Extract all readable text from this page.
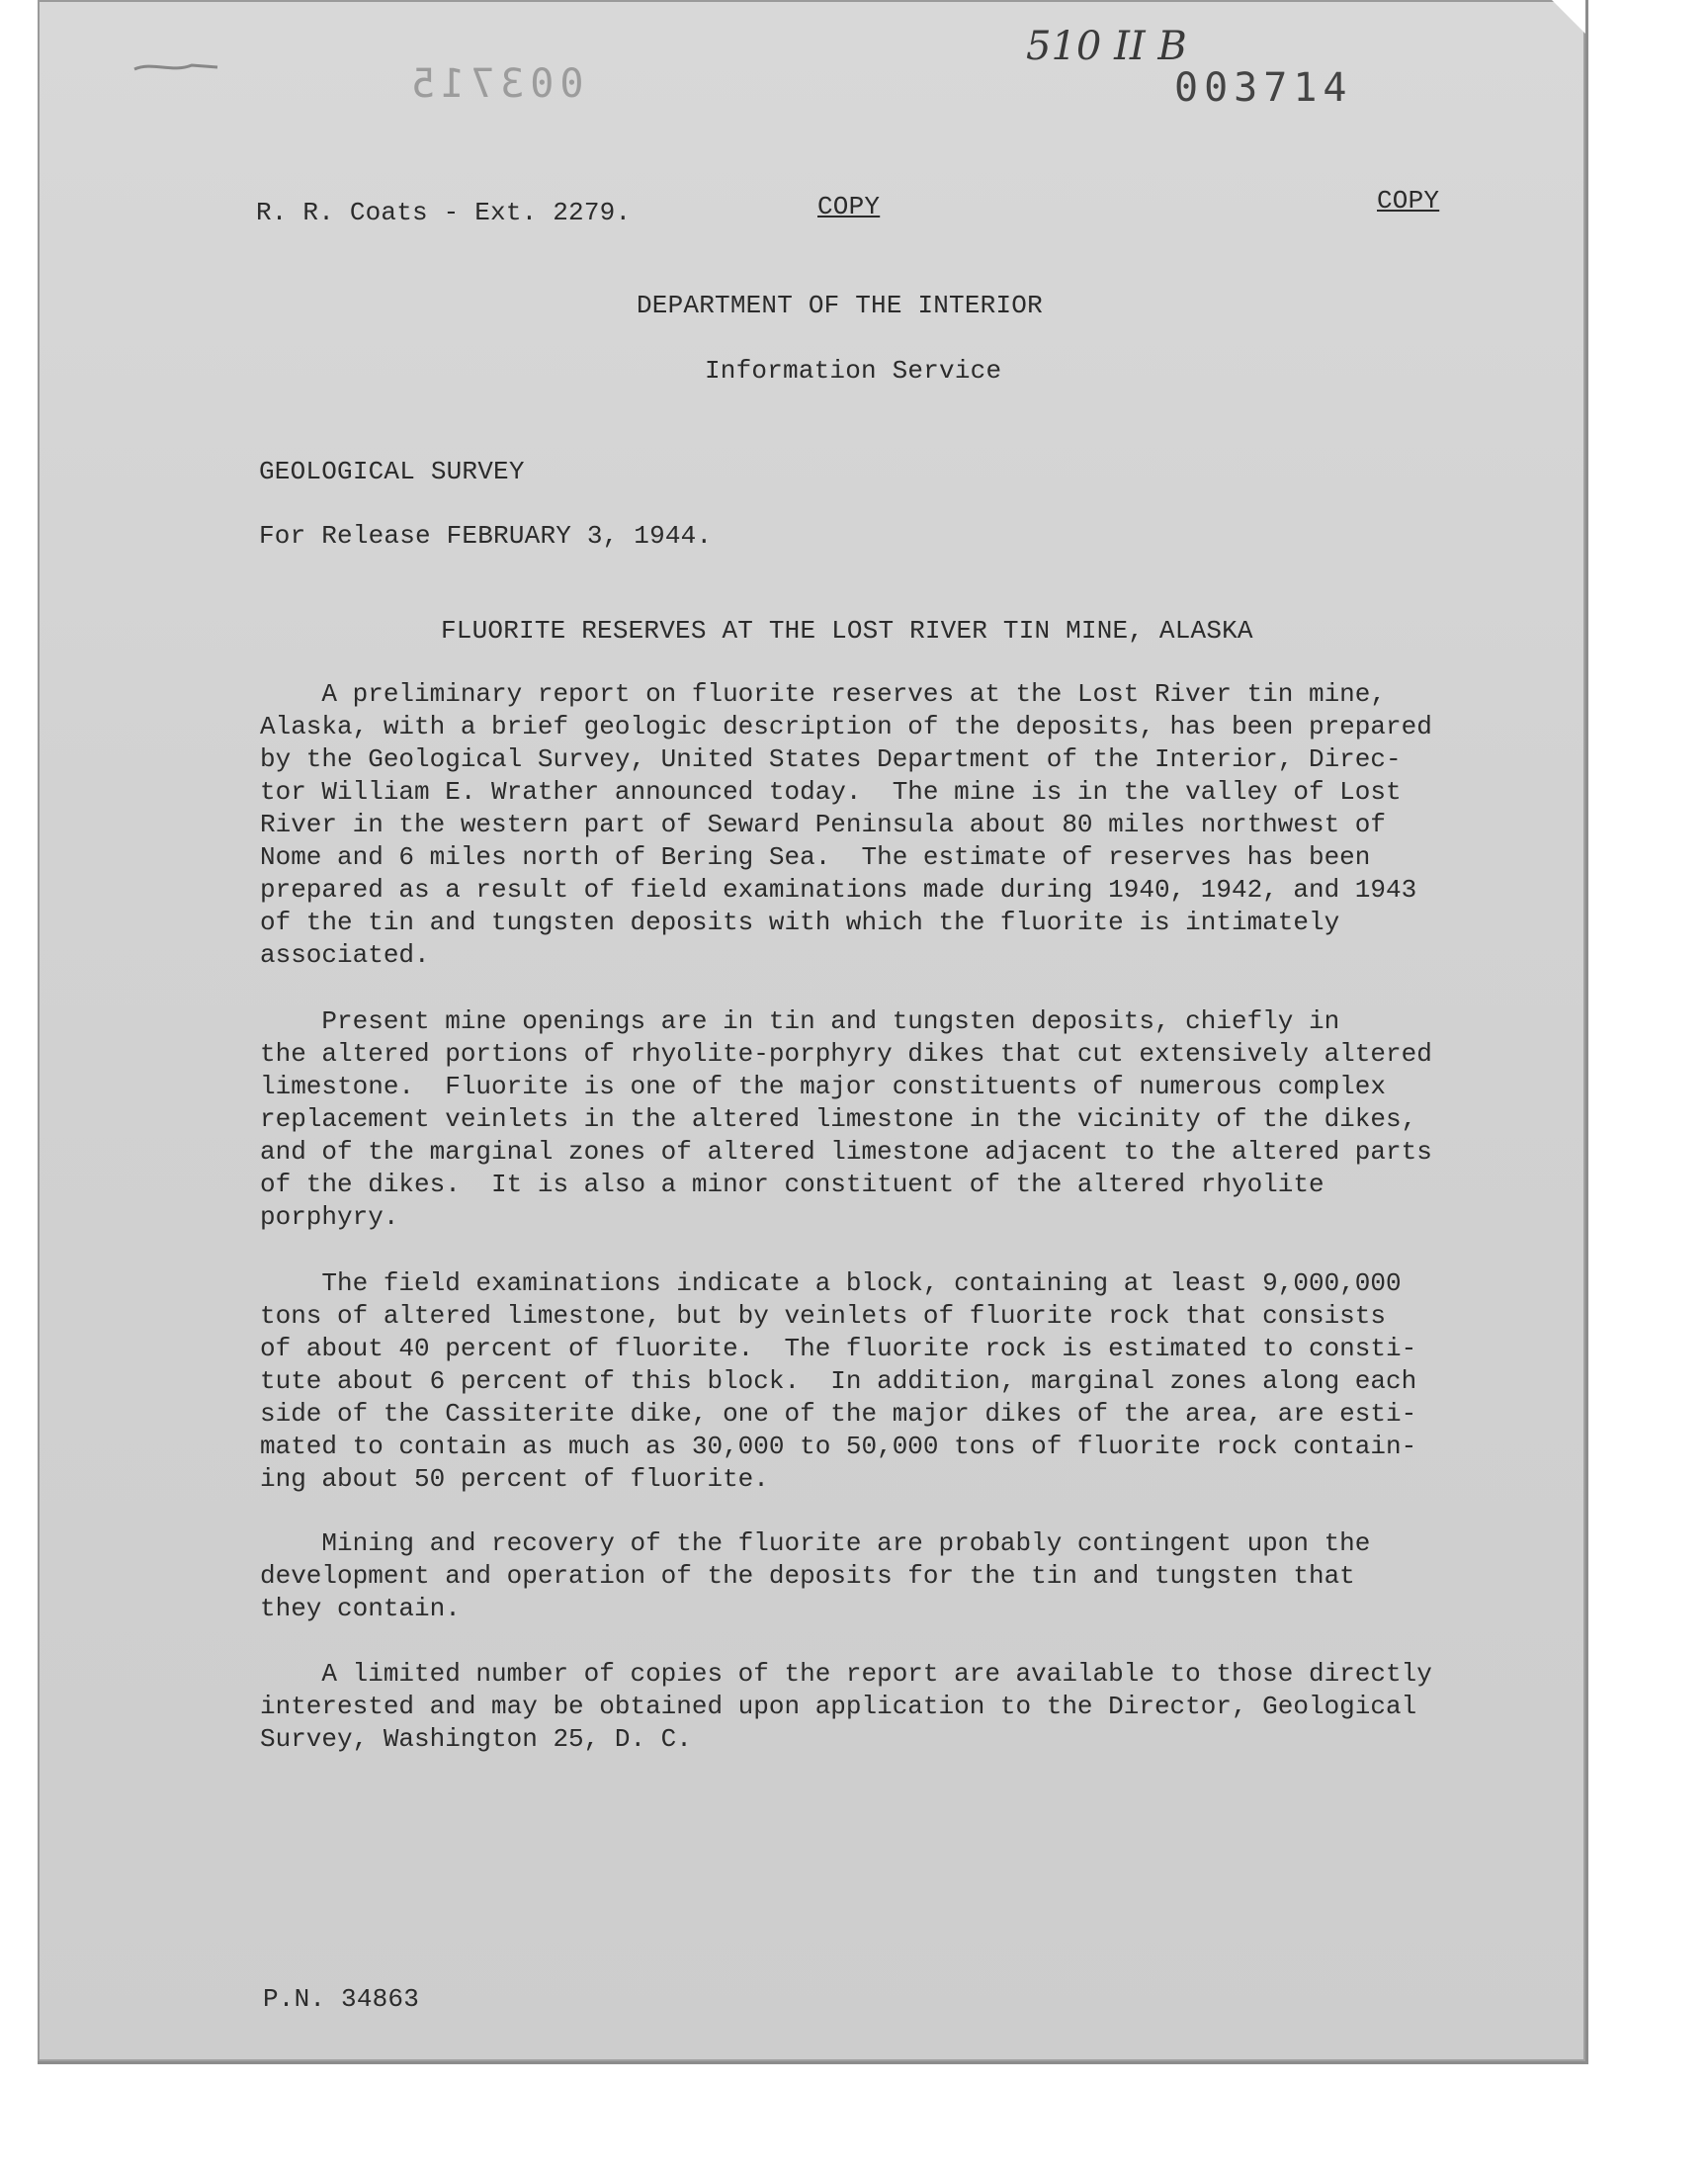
003715
510 II B
003714
R. R. Coats - Ext. 2279.	COPY	COPY
DEPARTMENT OF THE INTERIOR
Information Service
GEOLOGICAL SURVEY
For Release FEBRUARY 3, 1944.
FLUORITE RESERVES AT THE LOST RIVER TIN MINE, ALASKA
A preliminary report on fluorite reserves at the Lost River tin mine,
Alaska, with a brief geologic description of the deposits, has been prepared
by the Geological Survey, United States Department of the Interior, Direc-
tor William E. Wrather announced today.  The mine is in the valley of Lost
River in the western part of Seward Peninsula about 80 miles northwest of
Nome and 6 miles north of Bering Sea.  The estimate of reserves has been
prepared as a result of field examinations made during 1940, 1942, and 1943
of the tin and tungsten deposits with which the fluorite is intimately
associated.
Present mine openings are in tin and tungsten deposits, chiefly in
the altered portions of rhyolite-porphyry dikes that cut extensively altered
limestone.  Fluorite is one of the major constituents of numerous complex
replacement veinlets in the altered limestone in the vicinity of the dikes,
and of the marginal zones of altered limestone adjacent to the altered parts
of the dikes.  It is also a minor constituent of the altered rhyolite
porphyry.
The field examinations indicate a block, containing at least 9,000,000
tons of altered limestone, but by veinlets of fluorite rock that consists
of about 40 percent of fluorite.  The fluorite rock is estimated to consti-
tute about 6 percent of this block.  In addition, marginal zones along each
side of the Cassiterite dike, one of the major dikes of the area, are esti-
mated to contain as much as 30,000 to 50,000 tons of fluorite rock contain-
ing about 50 percent of fluorite.
Mining and recovery of the fluorite are probably contingent upon the
development and operation of the deposits for the tin and tungsten that
they contain.
A limited number of copies of the report are available to those directly
interested and may be obtained upon application to the Director, Geological
Survey, Washington 25, D. C.
P.N. 34863
